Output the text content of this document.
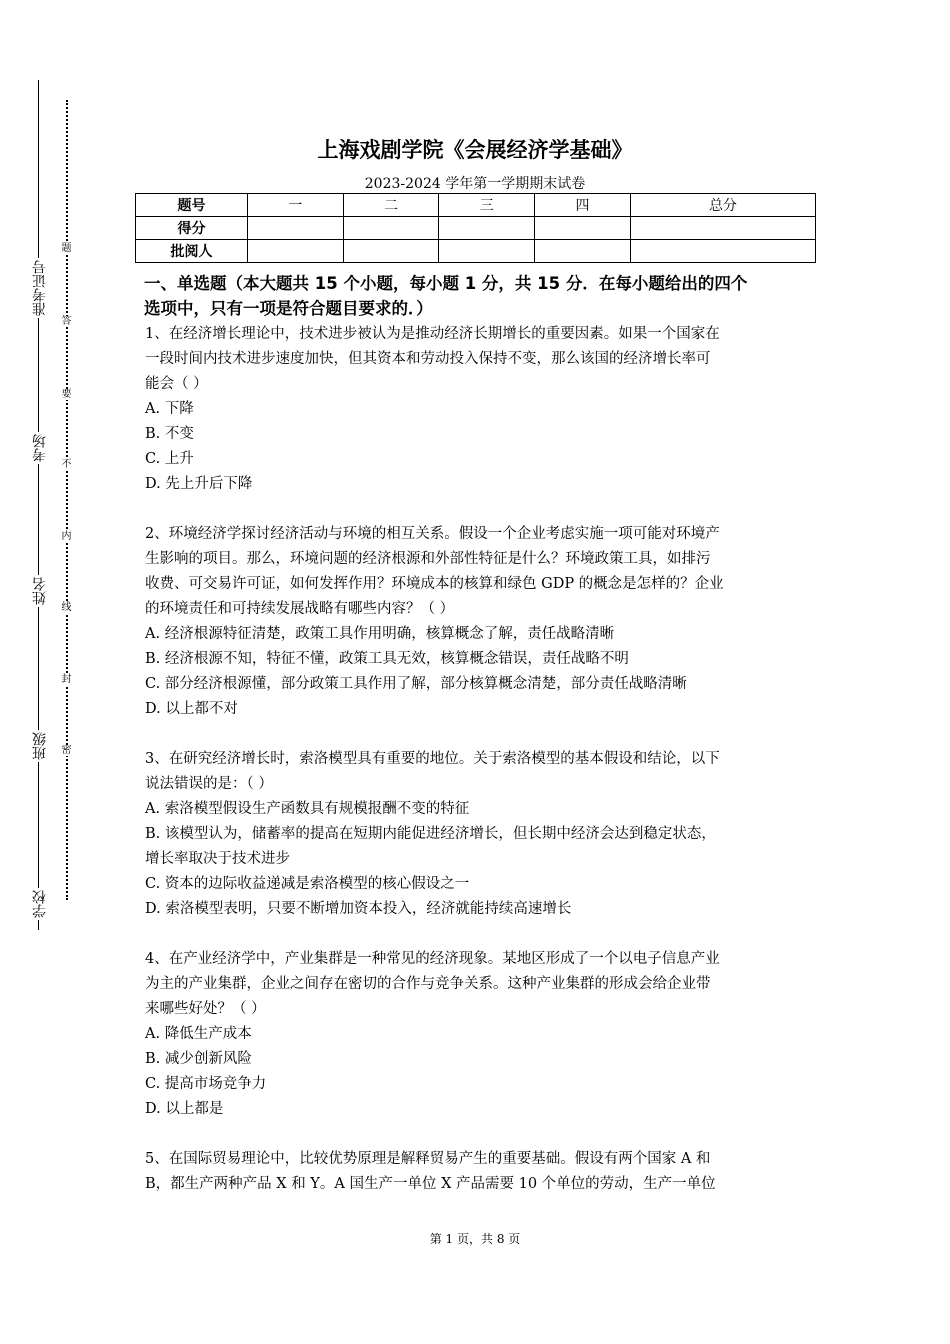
准考证号
考场
姓名
班级
学校
题
答
要
不
内
线
封
密
上海戏剧学院《会展经济学基础》
2023-2024 学年第一学期期末试卷
题号	一	二	三	四	总分
得分					
批阅人					
一、单选题（本大题共 15 个小题，每小题 1 分，共 15 分．在每小题给出的四个
选项中，只有一项是符合题目要求的．）
1、在经济增长理论中，技术进步被认为是推动经济长期增长的重要因素。如果一个国家在
一段时间内技术进步速度加快，但其资本和劳动投入保持不变，那么该国的经济增长率可
能会（ ）
A. 下降
B. 不变
C. 上升
D. 先上升后下降
2、环境经济学探讨经济活动与环境的相互关系。假设一个企业考虑实施一项可能对环境产
生影响的项目。那么，环境问题的经济根源和外部性特征是什么？环境政策工具，如排污
收费、可交易许可证，如何发挥作用？环境成本的核算和绿色 GDP 的概念是怎样的？企业
的环境责任和可持续发展战略有哪些内容？（ ）
A. 经济根源特征清楚，政策工具作用明确，核算概念了解，责任战略清晰
B. 经济根源不知，特征不懂，政策工具无效，核算概念错误，责任战略不明
C. 部分经济根源懂，部分政策工具作用了解，部分核算概念清楚，部分责任战略清晰
D. 以上都不对
3、在研究经济增长时，索洛模型具有重要的地位。关于索洛模型的基本假设和结论，以下
说法错误的是：（ ）
A. 索洛模型假设生产函数具有规模报酬不变的特征
B. 该模型认为，储蓄率的提高在短期内能促进经济增长，但长期中经济会达到稳定状态，
增长率取决于技术进步
C. 资本的边际收益递减是索洛模型的核心假设之一
D. 索洛模型表明，只要不断增加资本投入，经济就能持续高速增长
4、在产业经济学中，产业集群是一种常见的经济现象。某地区形成了一个以电子信息产业
为主的产业集群，企业之间存在密切的合作与竞争关系。这种产业集群的形成会给企业带
来哪些好处？（ ）
A. 降低生产成本
B. 减少创新风险
C. 提高市场竞争力
D. 以上都是
5、在国际贸易理论中，比较优势原理是解释贸易产生的重要基础。假设有两个国家 A 和
B，都生产两种产品 X 和 Y。A 国生产一单位 X 产品需要 10 个单位的劳动，生产一单位
第 1 页，共 8 页
